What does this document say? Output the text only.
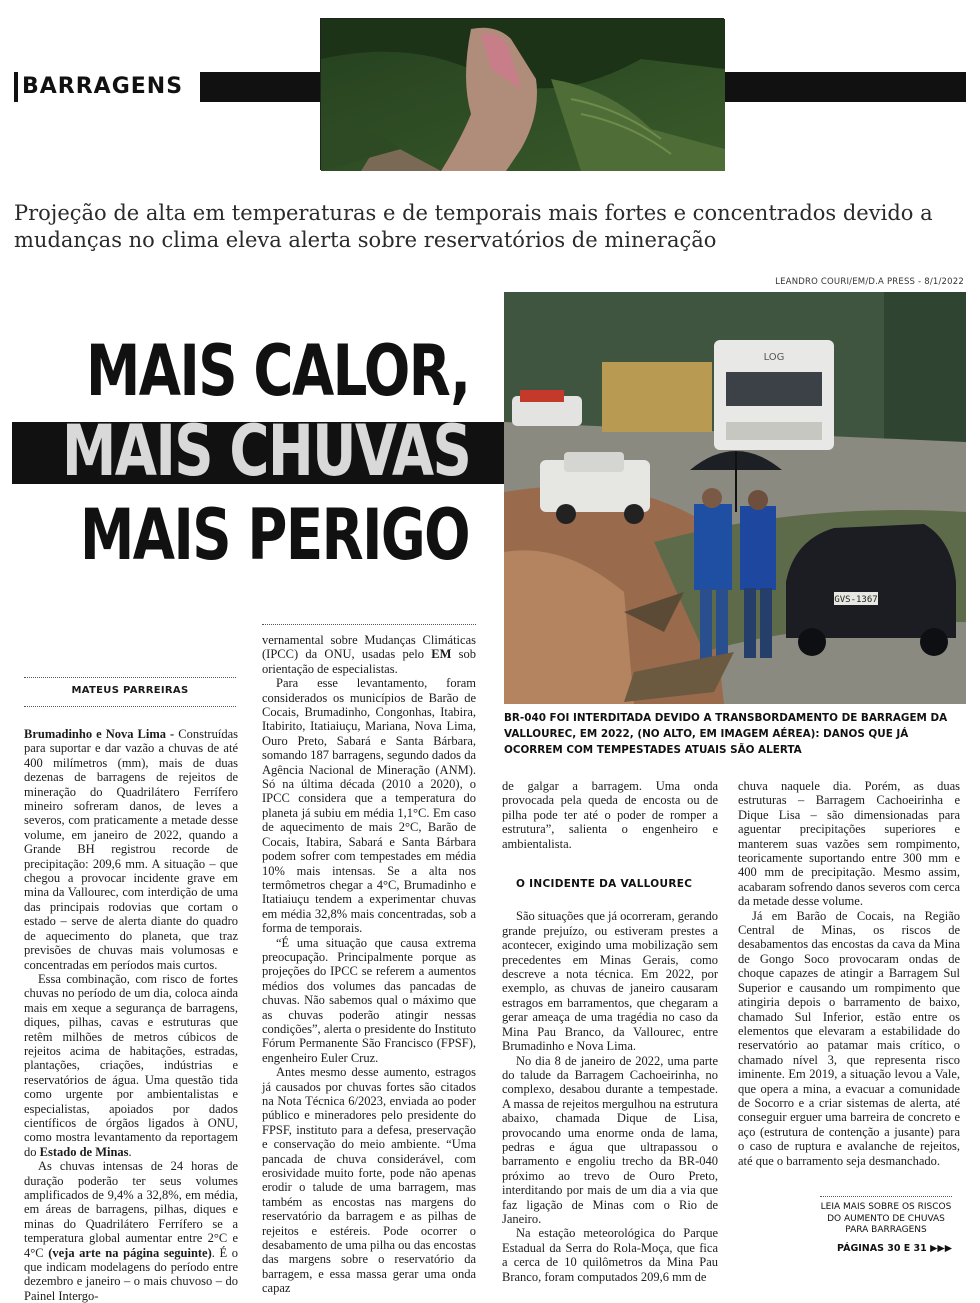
BARRAGENS
Projeção de alta em temperaturas e de temporais mais fortes e concentrados devido a mudanças no clima eleva alerta sobre reservatórios de mineração
LEANDRO COURI/EM/D.A PRESS - 8/1/2022
MAIS CALOR,
MAIS CHUVAS
MAIS PERIGO
LOG
GVS-1367
BR-040 FOI INTERDITADA DEVIDO A TRANSBORDAMENTO DE BARRAGEM DA VALLOUREC, EM 2022, (NO ALTO, EM IMAGEM AÉREA): DANOS QUE JÁ OCORREM COM TEMPESTADES ATUAIS SÃO ALERTA
MATEUS PARREIRAS

Brumadinho e Nova Lima - Construídas para suportar e dar vazão a chuvas de até 400 milímetros (mm), mais de duas dezenas de barragens de rejeitos de mineração do Quadrilátero Ferrífero mineiro sofreram danos, de leves a severos, com praticamente a metade desse volume, em janeiro de 2022, quando a Grande BH registrou recorde de precipitação: 209,6 mm. A situação – que chegou a provocar incidente grave em mina da Vallourec, com interdição de uma das principais rodovias que cortam o estado – serve de alerta diante do quadro de aquecimento do planeta, que traz previsões de chuvas mais volumosas e concentradas em períodos mais curtos.

Essa combinação, com risco de fortes chuvas no período de um dia, coloca ainda mais em xeque a segurança de barragens, diques, pilhas, cavas e estruturas que retêm milhões de metros cúbicos de rejeitos acima de habitações, estradas, plantações, criações, indústrias e reservatórios de água. Uma questão tida como urgente por ambientalistas e especialistas, apoiados por dados científicos de órgãos ligados à ONU, como mostra levantamento da reportagem do Estado de Minas.

As chuvas intensas de 24 horas de duração poderão ter seus volumes amplificados de 9,4% a 32,8%, em média, em áreas de barragens, pilhas, diques e minas do Quadrilátero Ferrífero se a temperatura global aumentar entre 2°C e 4°C (veja arte na página seguinte). É o que indicam modelagens do período entre dezembro e janeiro – o mais chuvoso – do Painel Intergo-

vernamental sobre Mudanças Climáticas (IPCC) da ONU, usadas pelo EM sob orientação de especialistas.

Para esse levantamento, foram considerados os municípios de Barão de Cocais, Brumadinho, Congonhas, Itabira, Itabirito, Itatiaiuçu, Mariana, Nova Lima, Ouro Preto, Sabará e Santa Bárbara, somando 187 barragens, segundo dados da Agência Nacional de Mineração (ANM). Só na última década (2010 a 2020), o IPCC considera que a temperatura do planeta já subiu em média 1,1°C. Em caso de aquecimento de mais 2°C, Barão de Cocais, Itabira, Sabará e Santa Bárbara podem sofrer com tempestades em média 10% mais intensas. Se a alta nos termômetros chegar a 4°C, Brumadinho e Itatiaiuçu tendem a experimentar chuvas em média 32,8% mais concentradas, sob a forma de temporais.

“É uma situação que causa extrema preocupação. Principalmente porque as projeções do IPCC se referem a aumentos médios dos volumes das pancadas de chuvas. Não sabemos qual o máximo que as chuvas poderão atingir nessas condições”, alerta o presidente do Instituto Fórum Permanente São Francisco (FPSF), engenheiro Euler Cruz.

Antes mesmo desse aumento, estragos já causados por chuvas fortes são citados na Nota Técnica 6/2023, enviada ao poder público e mineradores pelo presidente do FPSF, instituto para a defesa, preservação e conservação do meio ambiente. “Uma pancada de chuva considerável, com erosividade muito forte, pode não apenas erodir o talude de uma barragem, mas também as encostas nas margens do reservatório da barragem e as pilhas de rejeitos e estéreis. Pode ocorrer o desabamento de uma pilha ou das encostas das margens sobre o reservatório da barragem, e essa massa gerar uma onda capaz

de galgar a barragem. Uma onda provocada pela queda de encosta ou de pilha pode ter até o poder de romper a estrutura”, salienta o engenheiro e ambientalista.

O INCIDENTE DA VALLOUREC

São situações que já ocorreram, gerando grande prejuízo, ou estiveram prestes a acontecer, exigindo uma mobilização sem precedentes em Minas Gerais, como descreve a nota técnica. Em 2022, por exemplo, as chuvas de janeiro causaram estragos em barramentos, que chegaram a gerar ameaça de uma tragédia no caso da Mina Pau Branco, da Vallourec, entre Brumadinho e Nova Lima.

No dia 8 de janeiro de 2022, uma parte do talude da Barragem Cachoeirinha, no complexo, desabou durante a tempestade. A massa de rejeitos mergulhou na estrutura abaixo, chamada Dique de Lisa, provocando uma enorme onda de lama, pedras e água que ultrapassou o barramento e engoliu trecho da BR-040 próximo ao trevo de Ouro Preto, interditando por mais de um dia a via que faz ligação de Minas com o Rio de Janeiro.

Na estação meteorológica do Parque Estadual da Serra do Rola-Moça, que fica a cerca de 10 quilômetros da Mina Pau Branco, foram computados 209,6 mm de

chuva naquele dia. Porém, as duas estruturas – Barragem Cachoeirinha e Dique Lisa – são dimensionadas para aguentar precipitações superiores e manterem suas vazões sem rompimento, teoricamente suportando entre 300 mm e 400 mm de precipitação. Mesmo assim, acabaram sofrendo danos severos com cerca da metade desse volume.

Já em Barão de Cocais, na Região Central de Minas, os riscos de desabamentos das encostas da cava da Mina de Gongo Soco provocaram ondas de choque capazes de atingir a Barragem Sul Superior e causando um rompimento que atingiria depois o barramento de baixo, chamado Sul Inferior, estão entre os elementos que elevaram a estabilidade do reservatório ao patamar mais crítico, o chamado nível 3, que representa risco iminente. Em 2019, a situação levou a Vale, que opera a mina, a evacuar a comunidade de Socorro e a criar sistemas de alerta, até conseguir erguer uma barreira de concreto e aço (estrutura de contenção a jusante) para o caso de ruptura e avalanche de rejeitos, até que o barramento seja desmanchado.

LEIA MAIS SOBRE OS RISCOS DO AUMENTO DE CHUVAS PARA BARRAGENS
PÁGINAS 30 E 31 ▶▶▶
